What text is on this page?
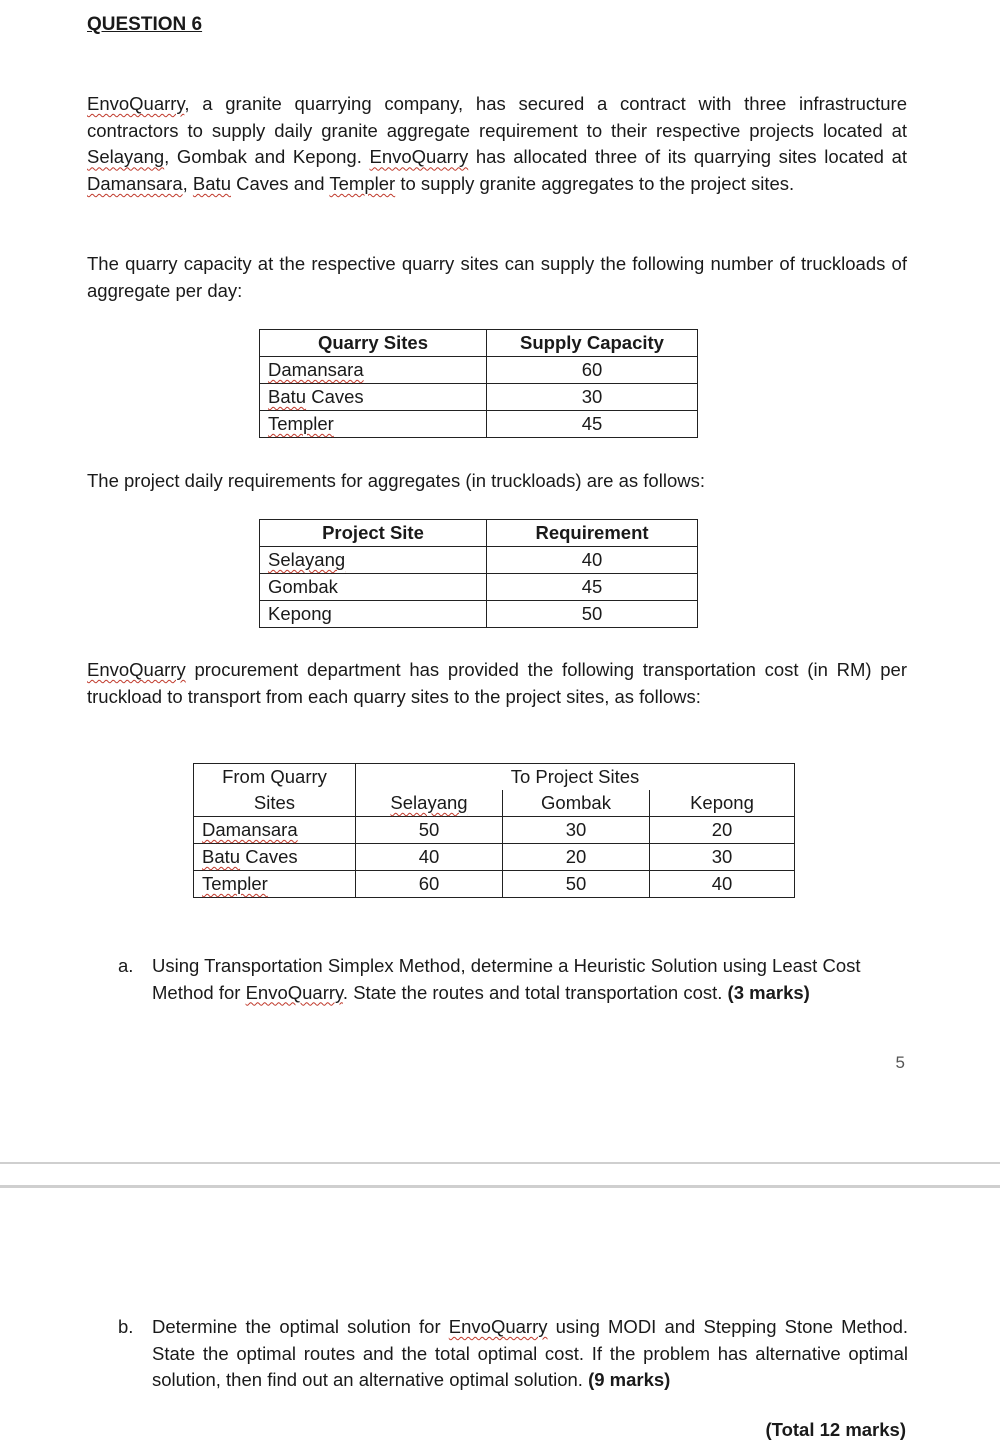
QUESTION 6
EnvoQuarry, a granite quarrying company, has secured a contract with three infrastructure contractors to supply daily granite aggregate requirement to their respective projects located at Selayang, Gombak and Kepong. EnvoQuarry has allocated three of its quarrying sites located at Damansara, Batu Caves and Templer to supply granite aggregates to the project sites.
The quarry capacity at the respective quarry sites can supply the following number of truckloads of aggregate per day:
Quarry Sites	Supply Capacity
Damansara	60
Batu Caves	30
Templer	45
The project daily requirements for aggregates (in truckloads) are as follows:
Project Site	Requirement
Selayang	40
Gombak	45
Kepong	50
EnvoQuarry procurement department has provided the following transportation cost (in RM) per truckload to transport from each quarry sites to the project sites, as follows:
From Quarry	To Project Sites		
Sites	Selayang	Gombak	Kepong
Damansara	50	30	20
Batu Caves	40	20	30
Templer	60	50	40
a. Using Transportation Simplex Method, determine a Heuristic Solution using Least Cost Method for EnvoQuarry. State the routes and total transportation cost. (3 marks)
5
b. Determine the optimal solution for EnvoQuarry using MODI and Stepping Stone Method. State the optimal routes and the total optimal cost. If the problem has alternative optimal solution, then find out an alternative optimal solution. (9 marks)
(Total 12 marks)
